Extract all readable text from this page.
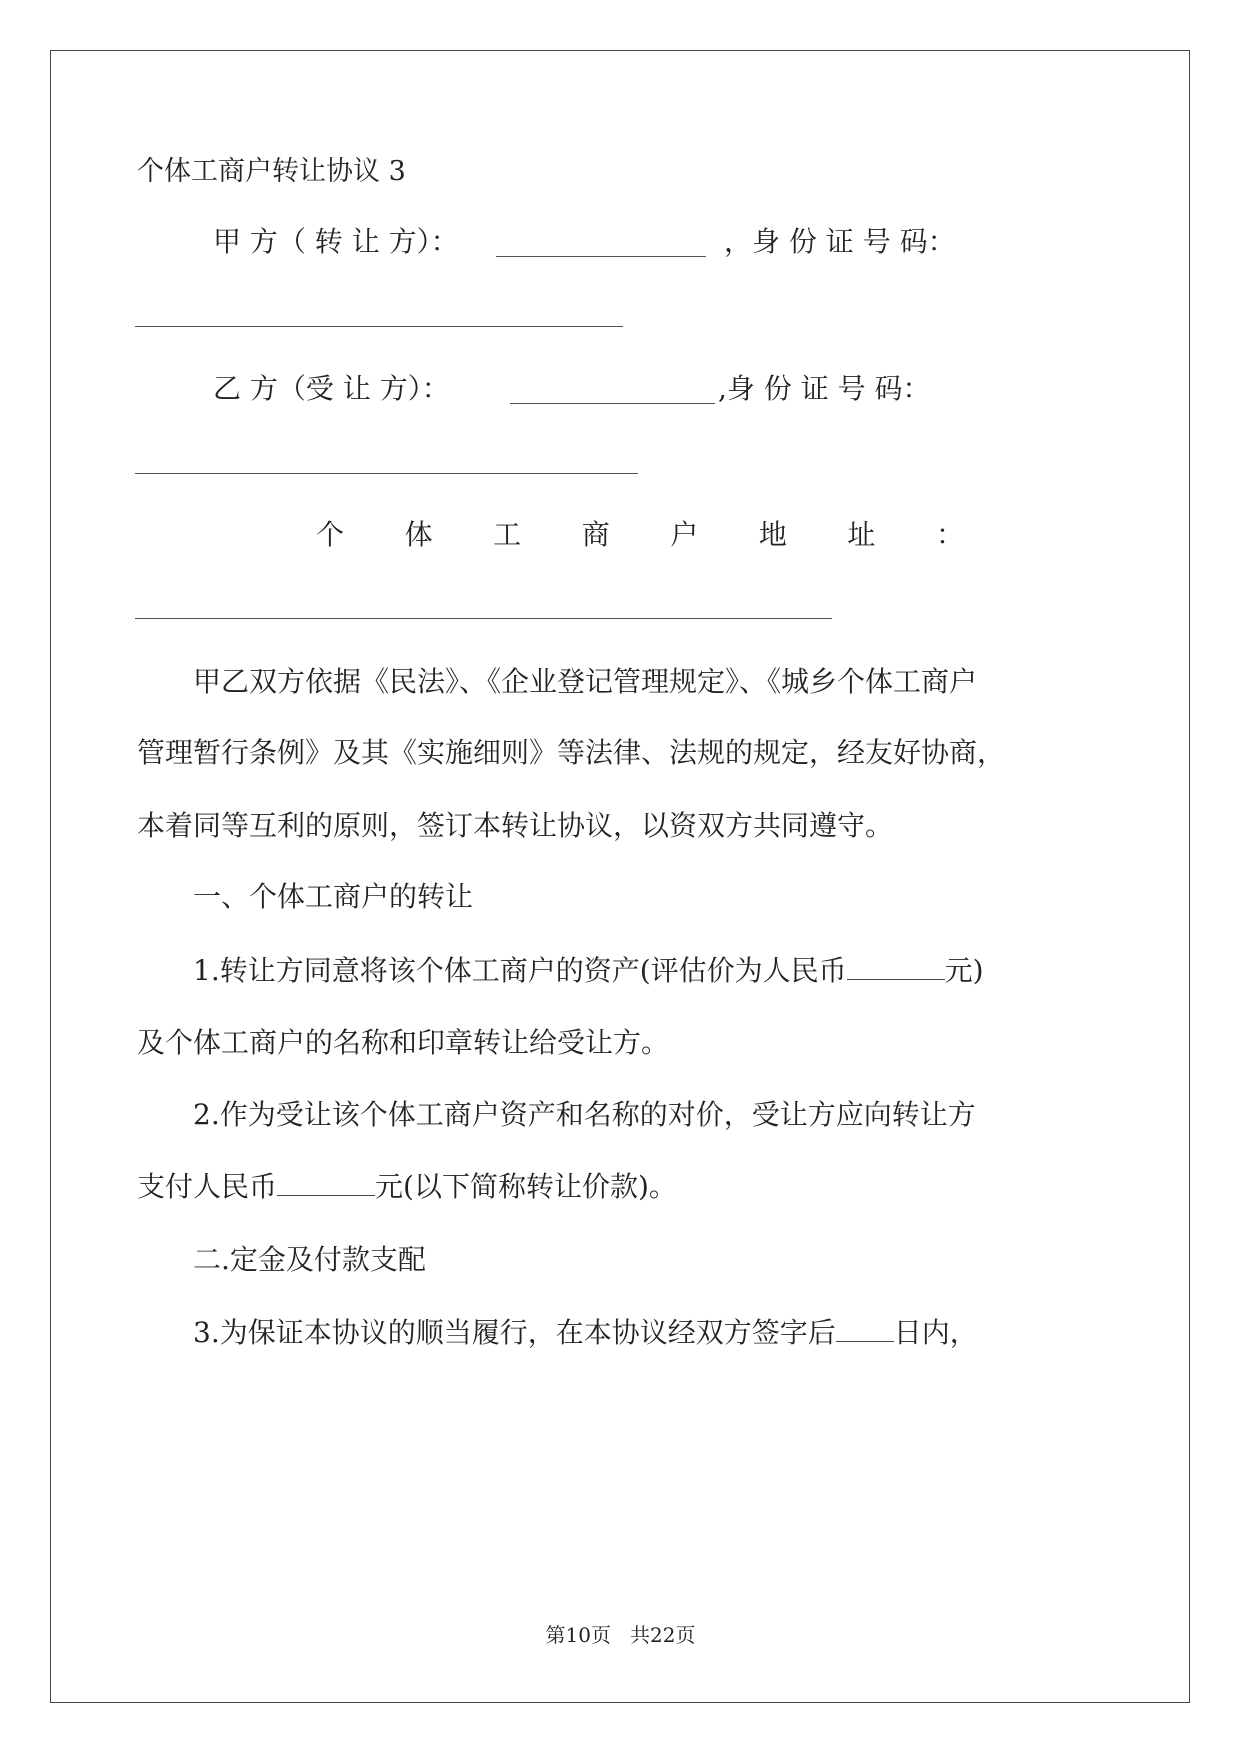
个体工商户转让协议 3

甲 方（ 转 让 方）：	，身 份 证 号 码：
乙 方（受 让 方）：	,身 份 证 号 码：
个 体 工 商 户 地 址 ：

甲乙双方依据《民法》、《企业登记管理规定》、《城乡个体工商户

管理暂行条例》及其《实施细则》等法律、法规的规定，经友好协商，

本着同等互利的原则，签订本转让协议，以资双方共同遵守。

一、个体工商户的转让

1.转让方同意将该个体工商户的资产(评估价为人民币	元)

及个体工商户的名称和印章转让给受让方。

2.作为受让该个体工商户资产和名称的对价，受让方应向转让方

支付人民币	元(以下简称转让价款)。

二.定金及付款支配

3.为保证本协议的顺当履行，在本协议经双方签字后 日内，
第10页 共22页
